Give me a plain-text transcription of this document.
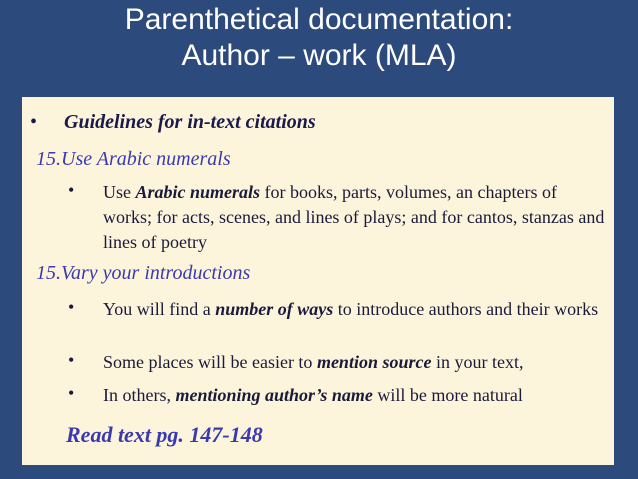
Parenthetical documentation:
Author – work (MLA)
• Guidelines for in-text citations
15.Use Arabic numerals
• Use Arabic numerals for books, parts, volumes, an chapters of works; for acts, scenes, and lines of plays; and for cantos, stanzas and lines of poetry
15.Vary your introductions
• You will find a number of ways to introduce authors and their works
• Some places will be easier to mention source in your text,
• In others, mentioning author’s name will be more natural
Read text pg. 147-148
